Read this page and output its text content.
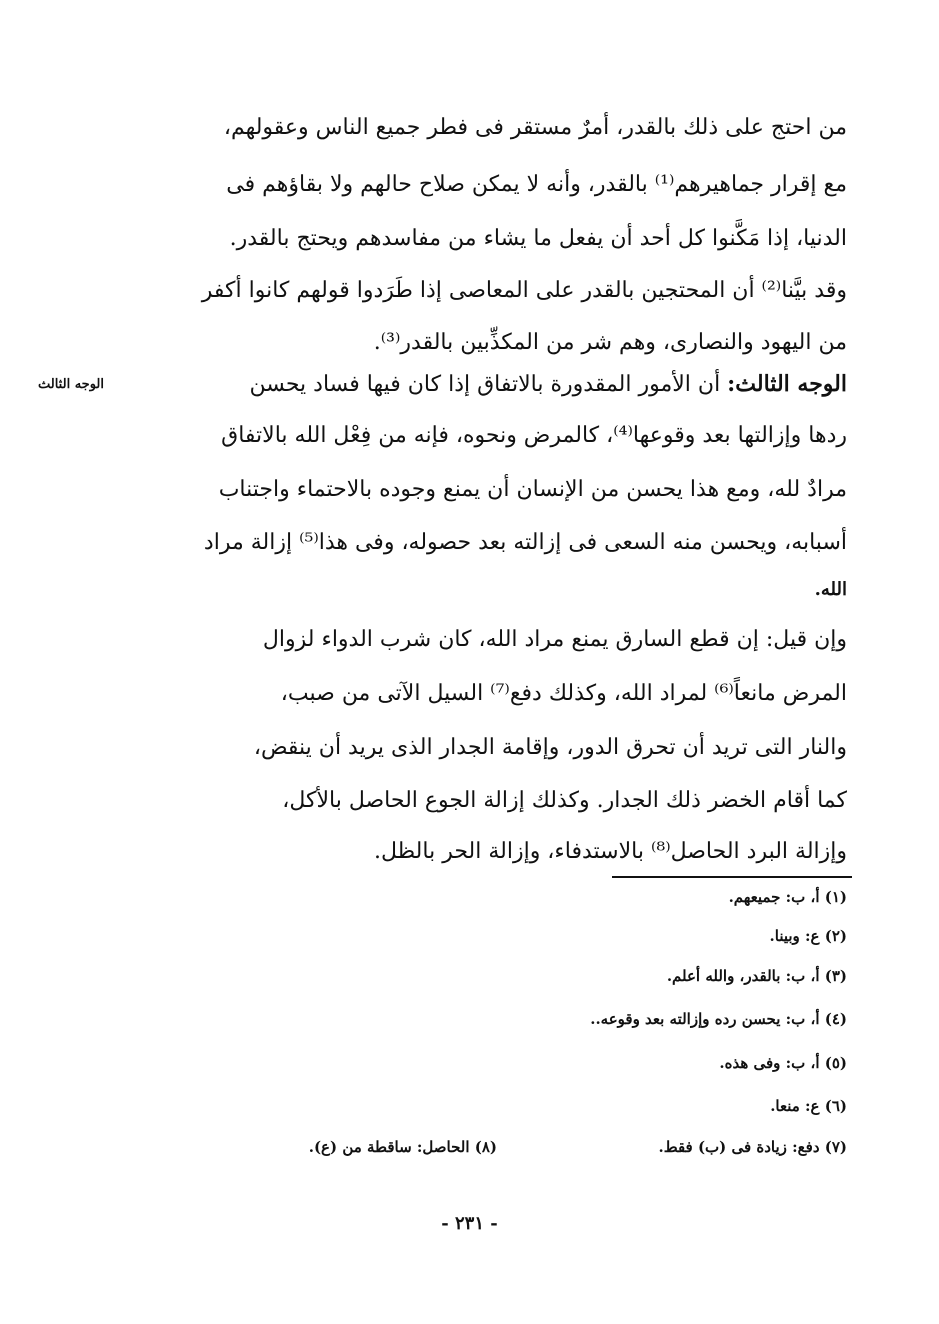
من احتج على ذلك بالقدر، أمرٌ مستقر فى فطر جميع الناس وعقولهم،
مع إقرار جماهيرهم⁽¹⁾ بالقدر، وأنه لا يمكن صلاح حالهم ولا بقاؤهم فى
الدنيا، إذا مَكَّنوا كل أحد أن يفعل ما يشاء من مفاسدهم ويحتج بالقدر.
وقد بيَّنا⁽²⁾ أن المحتجين بالقدر على المعاصى إذا طَرَدوا قولهم كانوا أكفر
من اليهود والنصارى، وهم شر من المكذِّبين بالقدر⁽³⁾.
الوجه الثالث: أن الأمور المقدورة بالاتفاق إذا كان فيها فساد يحسن
ردها وإزالتها بعد وقوعها⁽⁴⁾، كالمرض ونحوه، فإنه من فِعْل الله بالاتفاق
مرادٌ لله، ومع هذا يحسن من الإنسان أن يمنع وجوده بالاحتماء واجتناب
أسبابه، ويحسن منه السعى فى إزالته بعد حصوله، وفى هذا⁽⁵⁾ إزالة مراد
الله.
وإن قيل: إن قطع السارق يمنع مراد الله، كان شرب الدواء لزوال
المرض مانعاً⁽⁶⁾ لمراد الله، وكذلك دفع⁽⁷⁾ السيل الآتى من صبب،
والنار التى تريد أن تحرق الدور، وإقامة الجدار الذى يريد أن ينقض،
كما أقام الخضر ذلك الجدار. وكذلك إزالة الجوع الحاصل بالأكل،
وإزالة البرد الحاصل⁽⁸⁾ بالاستدفاء، وإزالة الحر بالظل.
الوجه الثالث
(١) أ، ب: جميعهم.
(٢) ع: وبينا.
(٣) أ، ب: بالقدر، والله أعلم.
(٤) أ، ب: يحسن رده وإزالته بعد وقوعه..
(٥) أ، ب: وفى هذه.
(٦) ع: منعا.
(٧) دفع: زيادة فى (ب) فقط.
(٨) الحاصل: ساقطة من (ع).
- ٢٣١ -
